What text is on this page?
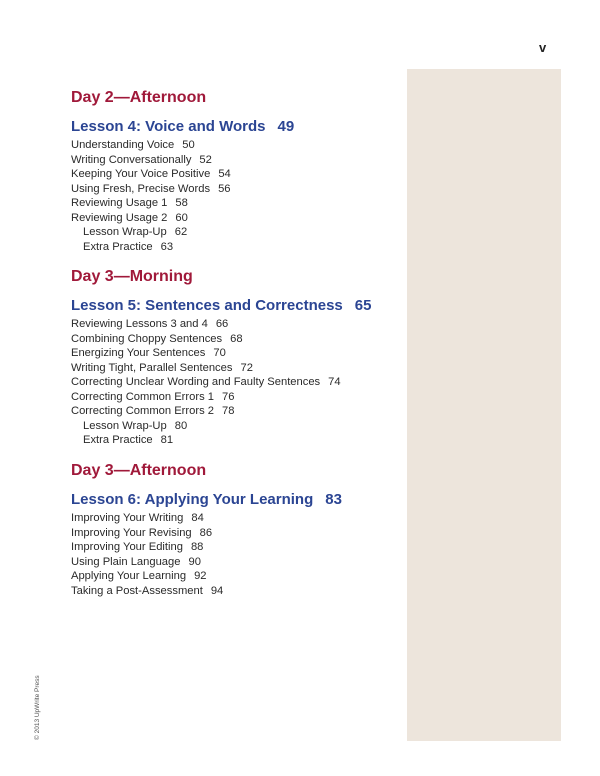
v
Day 2—Afternoon
Lesson 4: Voice and Words 49
Understanding Voice 50
Writing Conversationally 52
Keeping Your Voice Positive 54
Using Fresh, Precise Words 56
Reviewing Usage 1 58
Reviewing Usage 2 60
Lesson Wrap-Up 62
Extra Practice 63
Day 3—Morning
Lesson 5: Sentences and Correctness 65
Reviewing Lessons 3 and 4 66
Combining Choppy Sentences 68
Energizing Your Sentences 70
Writing Tight, Parallel Sentences 72
Correcting Unclear Wording and Faulty Sentences 74
Correcting Common Errors 1 76
Correcting Common Errors 2 78
Lesson Wrap-Up 80
Extra Practice 81
Day 3—Afternoon
Lesson 6: Applying Your Learning 83
Improving Your Writing 84
Improving Your Revising 86
Improving Your Editing 88
Using Plain Language 90
Applying Your Learning 92
Taking a Post-Assessment 94
© 2013 UpWrite Press
